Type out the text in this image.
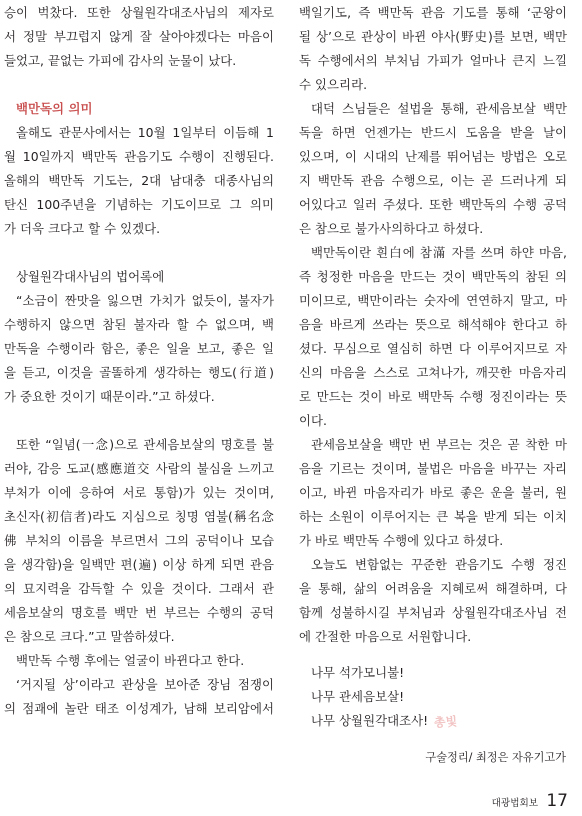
승이 벅찼다. 또한 상월원각대조사님의 제자로
서 정말 부끄럽지 않게 잘 살아야겠다는 마음이
들었고, 끝없는 가피에 감사의 눈물이 났다.
백만독의 의미
올해도 관문사에서는 10월 1일부터 이듬해 1
월 10일까지 백만독 관음기도 수행이 진행된다.
올해의 백만독 기도는, 2대 남대충 대종사님의
탄신 100주년을 기념하는 기도이므로 그 의미
가 더욱 크다고 할 수 있겠다.
상월원각대사님의 법어록에
“소금이 짠맛을 잃으면 가치가 없듯이, 불자가
수행하지 않으면 참된 불자라 할 수 없으며, 백
만독을 수행이라 함은, 좋은 일을 보고, 좋은 일
을 듣고, 이것을 골똘하게 생각하는 행도(行道)
가 중요한 것이기 때문이라.”고 하셨다.
또한 “일념(一念)으로 관세음보살의 명호를 불
러야, 감응 도교(感應道交 사람의 불심을 느끼고
부처가 이에 응하여 서로 통함)가 있는 것이며,
초신자(初信者)라도 지심으로 칭명 염불(稱名念
佛 부처의 이름을 부르면서 그의 공덕이나 모습
을 생각함)을 일백만 편(遍) 이상 하게 되면 관음
의 묘지력을 감득할 수 있을 것이다. 그래서 관
세음보살의 명호를 백만 번 부르는 수행의 공덕
은 참으로 크다.”고 말씀하셨다.
백만독 수행 후에는 얼굴이 바뀐다고 한다.
‘거지될 상’이라고 관상을 보아준 장님 점쟁이
의 점괘에 놀란 태조 이성계가, 남해 보리암에서
백일기도, 즉 백만독 관음 기도를 통해 ‘군왕이
될 상’으로 관상이 바뀐 야사(野史)를 보면, 백만
독 수행에서의 부처님 가피가 얼마나 큰지 느낄
수 있으리라.
대덕 스님들은 설법을 통해, 관세음보살 백만
독을 하면 언젠가는 반드시 도움을 받을 날이
있으며, 이 시대의 난제를 뛰어넘는 방법은 오로
지 백만독 관음 수행으로, 이는 곧 드러나게 되
어있다고 일러 주셨다. 또한 백만독의 수행 공덕
은 참으로 불가사의하다고 하셨다.
백만독이란 흰白에 참滿 자를 쓰며 하얀 마음,
즉 청정한 마음을 만드는 것이 백만독의 참된 의
미이므로, 백만이라는 숫자에 연연하지 말고, 마
음을 바르게 쓰라는 뜻으로 해석해야 한다고 하
셨다. 무심으로 열심히 하면 다 이루어지므로 자
신의 마음을 스스로 고쳐나가, 깨끗한 마음자리
로 만드는 것이 바로 백만독 수행 정진이라는 뜻
이다.
관세음보살을 백만 번 부르는 것은 곧 착한 마
음을 기르는 것이며, 불법은 마음을 바꾸는 자리
이고, 바뀐 마음자리가 바로 좋은 운을 불러, 원
하는 소원이 이루어지는 큰 복을 받게 되는 이치
가 바로 백만독 수행에 있다고 하셨다.
오늘도 변함없는 꾸준한 관음기도 수행 정진
을 통해, 삶의 어려움을 지혜로써 해결하며, 다
함께 성불하시길 부처님과 상월원각대조사님 전
에 간절한 마음으로 서원합니다.
나무 석가모니불!
나무 관세음보살!
나무 상월원각대조사! 총빛
구술정리/ 최정은 자유기고가
대광법회보 17
